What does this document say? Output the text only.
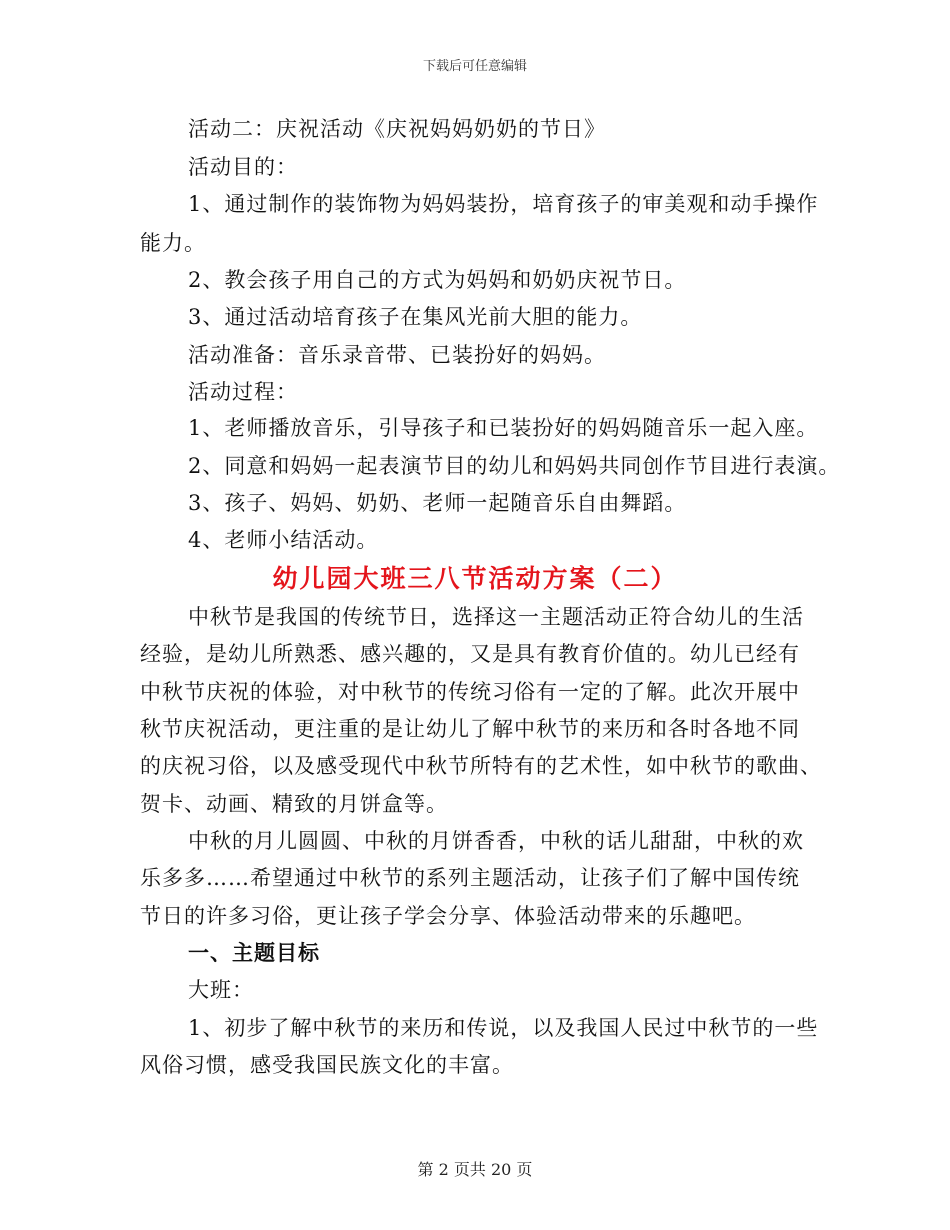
下载后可任意编辑
活动二：庆祝活动《庆祝妈妈奶奶的节日》
活动目的：
1、通过制作的装饰物为妈妈装扮，培育孩子的审美观和动手操作
能力。
2、教会孩子用自己的方式为妈妈和奶奶庆祝节日。
3、通过活动培育孩子在集风光前大胆的能力。
活动准备：音乐录音带、已装扮好的妈妈。
活动过程：
1、老师播放音乐，引导孩子和已装扮好的妈妈随音乐一起入座。
2、同意和妈妈一起表演节目的幼儿和妈妈共同创作节目进行表演。
3、孩子、妈妈、奶奶、老师一起随音乐自由舞蹈。
4、老师小结活动。
幼儿园大班三八节活动方案（二）
中秋节是我国的传统节日，选择这一主题活动正符合幼儿的生活
经验，是幼儿所熟悉、感兴趣的，又是具有教育价值的。幼儿已经有
中秋节庆祝的体验，对中秋节的传统习俗有一定的了解。此次开展中
秋节庆祝活动，更注重的是让幼儿了解中秋节的来历和各时各地不同
的庆祝习俗，以及感受现代中秋节所特有的艺术性，如中秋节的歌曲、
贺卡、动画、精致的月饼盒等。
中秋的月儿圆圆、中秋的月饼香香，中秋的话儿甜甜，中秋的欢
乐多多……希望通过中秋节的系列主题活动，让孩子们了解中国传统
节日的许多习俗，更让孩子学会分享、体验活动带来的乐趣吧。
一、主题目标
大班：
1、初步了解中秋节的来历和传说，以及我国人民过中秋节的一些
风俗习惯，感受我国民族文化的丰富。
第 2 页共 20 页
